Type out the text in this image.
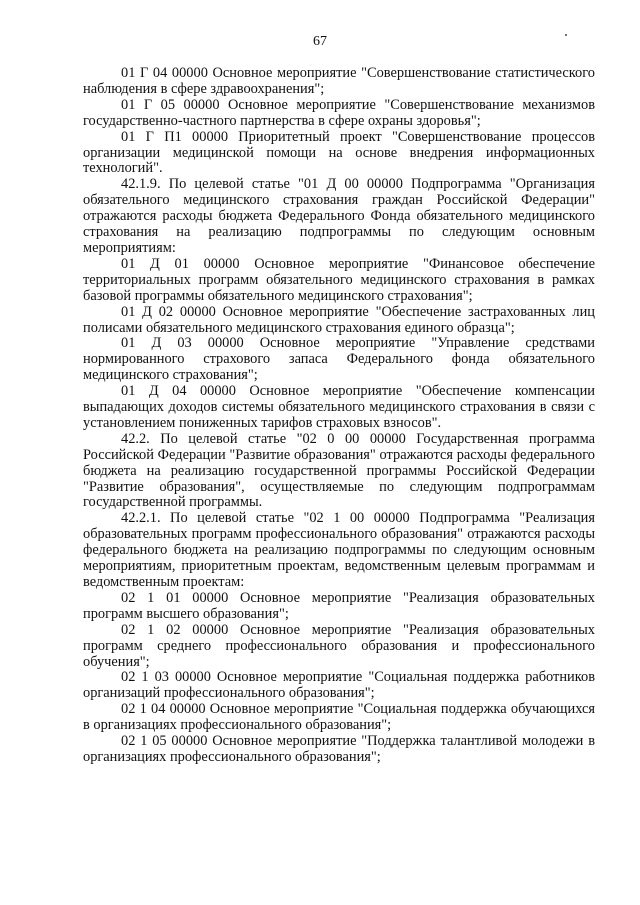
67

01 Г 04 00000 Основное мероприятие "Совершенствование статистического наблюдения в сфере здравоохранения";

01 Г 05 00000 Основное мероприятие "Совершенствование механизмов государственно-частного партнерства в сфере охраны здоровья";

01 Г П1 00000 Приоритетный проект "Совершенствование процессов организации медицинской помощи на основе внедрения информационных технологий".

42.1.9. По целевой статье "01 Д 00 00000 Подпрограмма "Организация обязательного медицинского страхования граждан Российской Федерации" отражаются расходы бюджета Федерального Фонда обязательного медицинского страхования на реализацию подпрограммы по следующим основным мероприятиям:

01 Д 01 00000 Основное мероприятие "Финансовое обеспечение территориальных программ обязательного медицинского страхования в рамках базовой программы обязательного медицинского страхования";

01 Д 02 00000 Основное мероприятие "Обеспечение застрахованных лиц полисами обязательного медицинского страхования единого образца";

01 Д 03 00000 Основное мероприятие "Управление средствами нормированного страхового запаса Федерального фонда обязательного медицинского страхования";

01 Д 04 00000 Основное мероприятие "Обеспечение компенсации выпадающих доходов системы обязательного медицинского страхования в связи с установлением пониженных тарифов страховых взносов".

42.2. По целевой статье "02 0 00 00000 Государственная программа Российской Федерации "Развитие образования" отражаются расходы федерального бюджета на реализацию государственной программы Российской Федерации "Развитие образования", осуществляемые по следующим подпрограммам государственной программы.

42.2.1. По целевой статье "02 1 00 00000 Подпрограмма "Реализация образовательных программ профессионального образования" отражаются расходы федерального бюджета на реализацию подпрограммы по следующим основным мероприятиям, приоритетным проектам, ведомственным целевым программам и ведомственным проектам:

02 1 01 00000 Основное мероприятие "Реализация образовательных программ высшего образования";

02 1 02 00000 Основное мероприятие "Реализация образовательных программ среднего профессионального образования и профессионального обучения";

02 1 03 00000 Основное мероприятие "Социальная поддержка работников организаций профессионального образования";

02 1 04 00000 Основное мероприятие "Социальная поддержка обучающихся в организациях профессионального образования";

02 1 05 00000 Основное мероприятие "Поддержка талантливой молодежи в организациях профессионального образования";
